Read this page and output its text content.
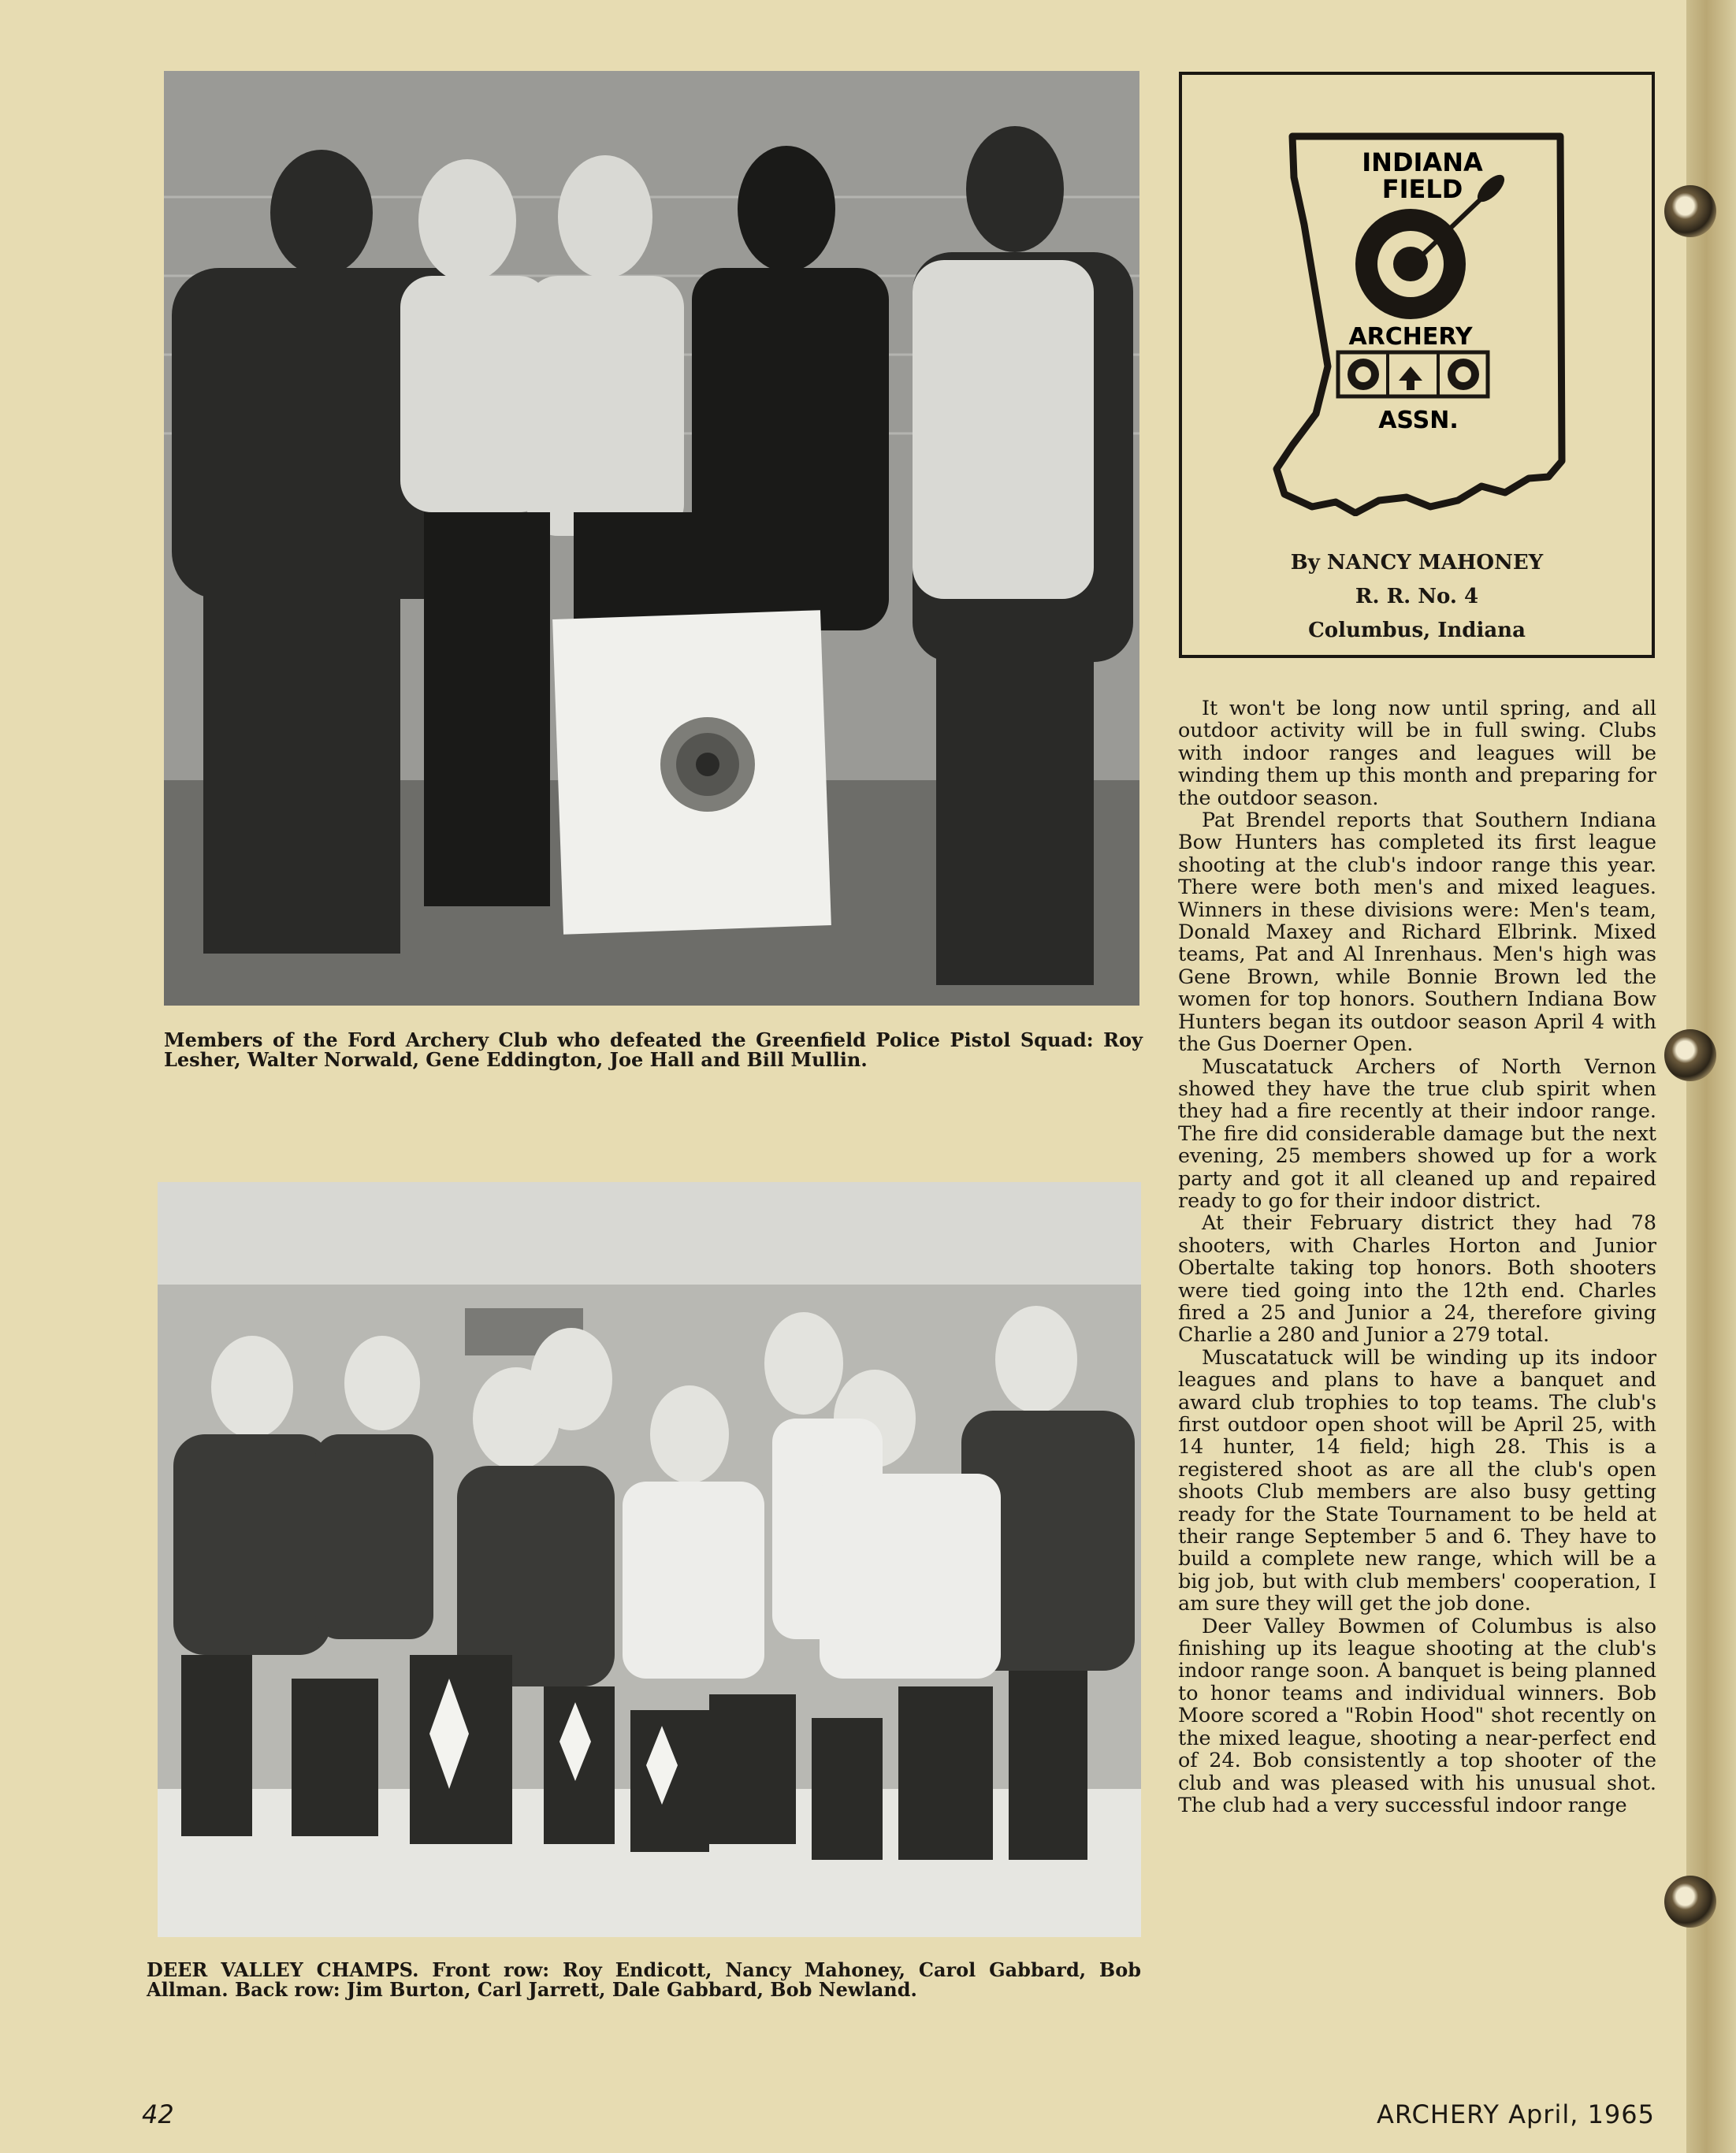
Members of the Ford Archery Club who defeated the Greenfield Police Pistol Squad: Roy Lesher, Walter Norwald, Gene Eddington, Joe Hall and Bill Mullin.

DEER VALLEY CHAMPS. Front row: Roy Endicott, Nancy Mahoney, Carol Gabbard, Bob Allman. Back row: Jim Burton, Carl Jarrett, Dale Gabbard, Bob Newland.

INDIANA
FIELD
ARCHERY
ASSN.
By NANCY MAHONEY
R. R. No. 4
Columbus, Indiana

It won't be long now until spring, and all outdoor activity will be in full swing. Clubs with indoor ranges and leagues will be winding them up this month and preparing for the outdoor season.

Pat Brendel reports that Southern Indiana Bow Hunters has completed its first league shooting at the club's indoor range this year. There were both men's and mixed leagues. Winners in these divisions were: Men's team, Donald Maxey and Richard Elbrink. Mixed teams, Pat and Al Inrenhaus. Men's high was Gene Brown, while Bonnie Brown led the women for top honors. Southern Indiana Bow Hunters began its outdoor season April 4 with the Gus Doerner Open.

Muscatatuck Archers of North Vernon showed they have the true club spirit when they had a fire recently at their indoor range. The fire did considerable damage but the next evening, 25 members showed up for a work party and got it all cleaned up and repaired ready to go for their indoor district.

At their February district they had 78 shooters, with Charles Horton and Junior Obertalte taking top honors. Both shooters were tied going into the 12th end. Charles fired a 25 and Junior a 24, therefore giving Charlie a 280 and Junior a 279 total.

Muscatatuck will be winding up its indoor leagues and plans to have a banquet and award club trophies to top teams. The club's first outdoor open shoot will be April 25, with 14 hunter, 14 field; high 28. This is a registered shoot as are all the club's open shoots Club members are also busy getting ready for the State Tournament to be held at their range September 5 and 6. They have to build a complete new range, which will be a big job, but with club members' cooperation, I am sure they will get the job done.

Deer Valley Bowmen of Columbus is also finishing up its league shooting at the club's indoor range soon. A banquet is being planned to honor teams and individual winners. Bob Moore scored a "Robin Hood" shot recently on the mixed league, shooting a near-perfect end of 24. Bob consistently a top shooter of the club and was pleased with his unusual shot. The club had a very successful indoor range

42	ARCHERY April, 1965
